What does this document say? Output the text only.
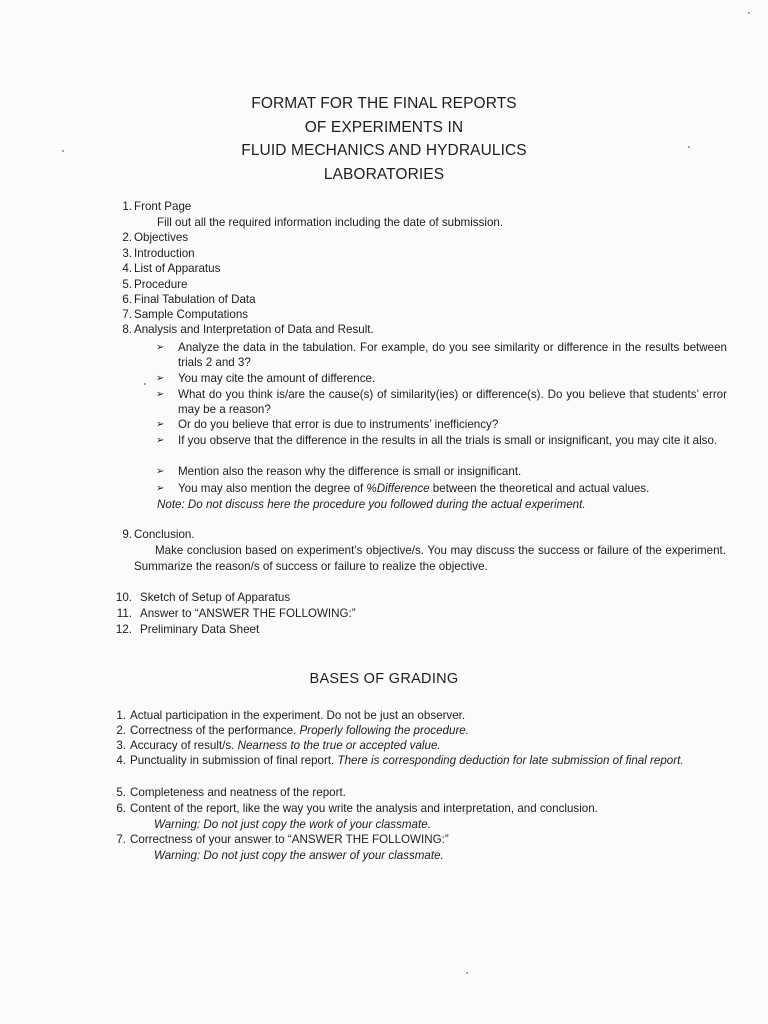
FORMAT FOR THE FINAL REPORTS
OF EXPERIMENTS IN
FLUID MECHANICS AND HYDRAULICS
LABORATORIES
1. Front Page
Fill out all the required information including the date of submission.
2. Objectives
3. Introduction
4. List of Apparatus
5. Procedure
6. Final Tabulation of Data
7. Sample Computations
8. Analysis and Interpretation of Data and Result.
➢ Analyze the data in the tabulation. For example, do you see similarity or difference in the results between trials 2 and 3?
➢ You may cite the amount of difference.
➢ What do you think is/are the cause(s) of similarity(ies) or difference(s). Do you believe that students’ error may be a reason?
➢ Or do you believe that error is due to instruments’ inefficiency?
➢ If you observe that the difference in the results in all the trials is small or insignificant, you may cite it also.
➢ Mention also the reason why the difference is small or insignificant.
➢ You may also mention the degree of %Difference between the theoretical and actual values.
Note: Do not discuss here the procedure you followed during the actual experiment.
9. Conclusion.
Make conclusion based on experiment’s objective/s. You may discuss the success or failure of the experiment. Summarize the reason/s of success or failure to realize the objective.
10. Sketch of Setup of Apparatus
11. Answer to “ANSWER THE FOLLOWING:”
12. Preliminary Data Sheet
BASES OF GRADING
1. Actual participation in the experiment. Do not be just an observer.
2. Correctness of the performance. Properly following the procedure.
3. Accuracy of result/s. Nearness to the true or accepted value.
4. Punctuality in submission of final report. There is corresponding deduction for late submission of final report.
5. Completeness and neatness of the report.
6. Content of the report, like the way you write the analysis and interpretation, and conclusion.
Warning: Do not just copy the work of your classmate.
7. Correctness of your answer to “ANSWER THE FOLLOWING:”
Warning: Do not just copy the answer of your classmate.
